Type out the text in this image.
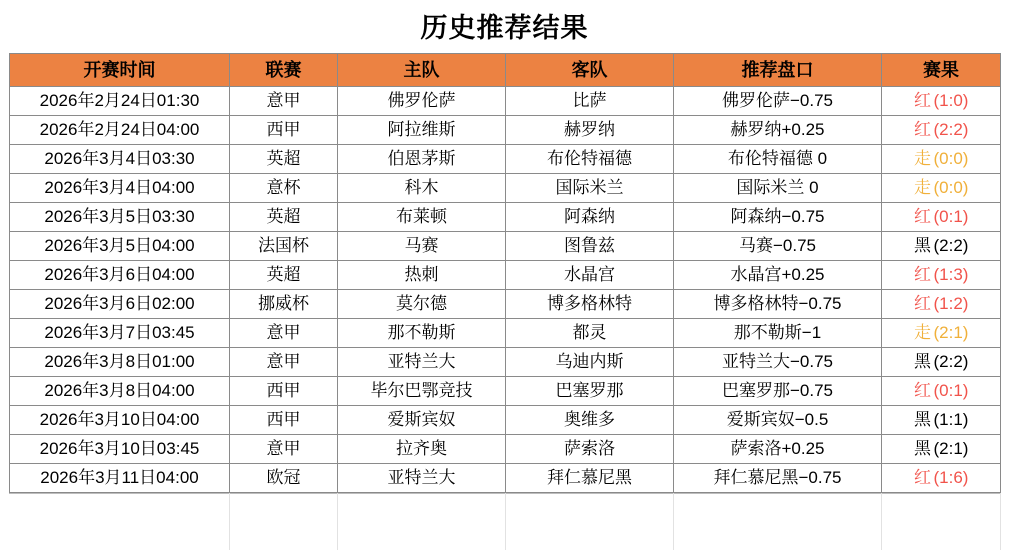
历史推荐结果
开赛时间	联赛	主队	客队	推荐盘口	赛果
2026年2月24日01:30	意甲	佛罗伦萨	比萨	佛罗伦萨−0.75	红 (1:0)
2026年2月24日04:00	西甲	阿拉维斯	赫罗纳	赫罗纳+0.25	红 (2:2)
2026年3月4日03:30	英超	伯恩茅斯	布伦特福德	布伦特福德 0	走 (0:0)
2026年3月4日04:00	意杯	科木	国际米兰	国际米兰 0	走 (0:0)
2026年3月5日03:30	英超	布莱顿	阿森纳	阿森纳−0.75	红 (0:1)
2026年3月5日04:00	法国杯	马赛	图鲁兹	马赛−0.75	黑 (2:2)
2026年3月6日04:00	英超	热刺	水晶宫	水晶宫+0.25	红 (1:3)
2026年3月6日02:00	挪威杯	莫尔德	博多格林特	博多格林特−0.75	红 (1:2)
2026年3月7日03:45	意甲	那不勒斯	都灵	那不勒斯−1	走 (2:1)
2026年3月8日01:00	意甲	亚特兰大	乌迪内斯	亚特兰大−0.75	黑 (2:2)
2026年3月8日04:00	西甲	毕尔巴鄂竞技	巴塞罗那	巴塞罗那−0.75	红 (0:1)
2026年3月10日04:00	西甲	爱斯宾奴	奥维多	爱斯宾奴−0.5	黑 (1:1)
2026年3月10日03:45	意甲	拉齐奥	萨索洛	萨索洛+0.25	黑 (2:1)
2026年3月11日04:00	欧冠	亚特兰大	拜仁慕尼黑	拜仁慕尼黑−0.75	红 (1:6)
